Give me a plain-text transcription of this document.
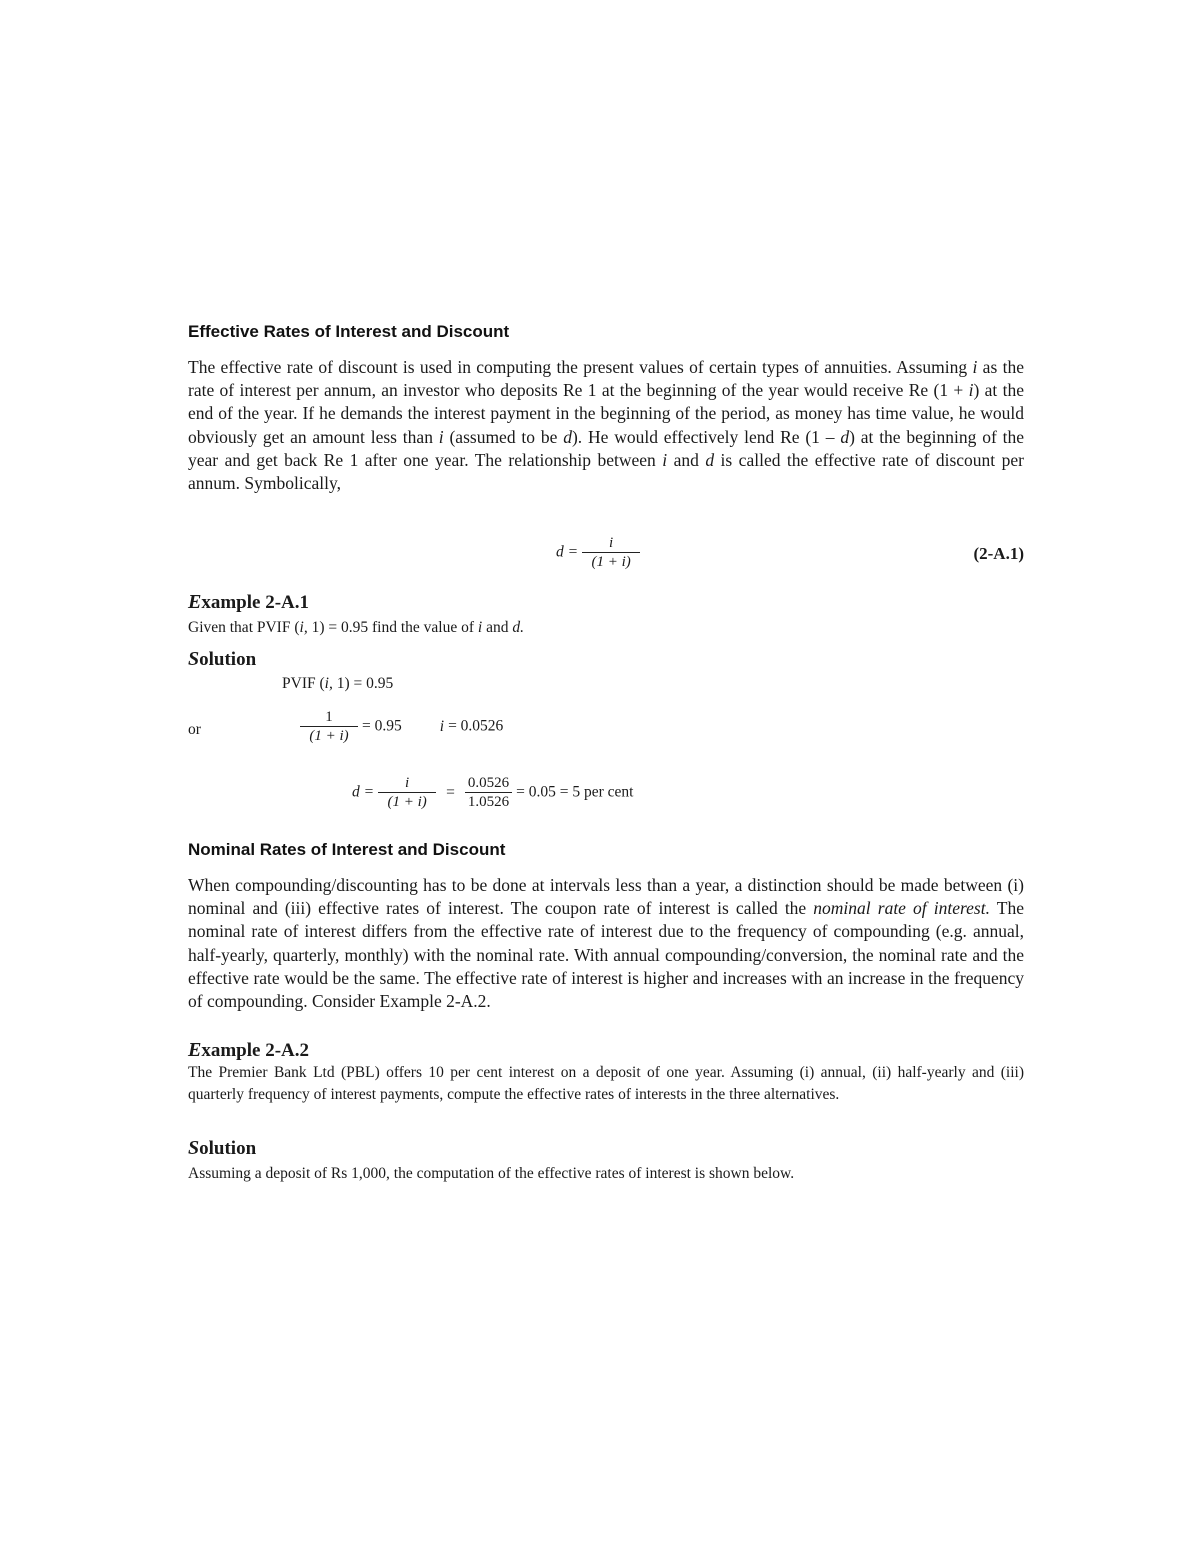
Effective Rates of Interest and Discount

The effective rate of discount is used in computing the present values of certain types of annuities. Assuming i as the rate of interest per annum, an investor who deposits Re 1 at the beginning of the year would receive Re (1 + i) at the end of the year. If he demands the interest payment in the beginning of the period, as money has time value, he would obviously get an amount less than i (assumed to be d). He would effectively lend Re (1 – d) at the beginning of the year and get back Re 1 after one year. The relationship between i and d is called the effective rate of discount per annum. Symbolically,

$d = \frac{i}{(1 + i)}$	(2-A.1)
Example 2-A.1

Given that PVIF (i, 1) = 0.95 find the value of i and d.

Solution

PVIF (i, 1) = 0.95

or	$\frac{1}{(1 + i)} = 0.95$ i = 0.0526
$d = \frac{i}{(1 + i)} = \frac{0.0526}{1.0526} = 0.05 = 5$ per cent
Nominal Rates of Interest and Discount

When compounding/discounting has to be done at intervals less than a year, a distinction should be made between (i) nominal and (iii) effective rates of interest. The coupon rate of interest is called the nominal rate of interest. The nominal rate of interest differs from the effective rate of interest due to the frequency of compounding (e.g. annual, half-yearly, quarterly, monthly) with the nominal rate. With annual compounding/conversion, the nominal rate and the effective rate would be the same. The effective rate of interest is higher and increases with an increase in the frequency of compounding. Consider Example 2-A.2.

Example 2-A.2

The Premier Bank Ltd (PBL) offers 10 per cent interest on a deposit of one year. Assuming (i) annual, (ii) half-yearly and (iii) quarterly frequency of interest payments, compute the effective rates of interests in the three alternatives.

Solution

Assuming a deposit of Rs 1,000, the computation of the effective rates of interest is shown below.
